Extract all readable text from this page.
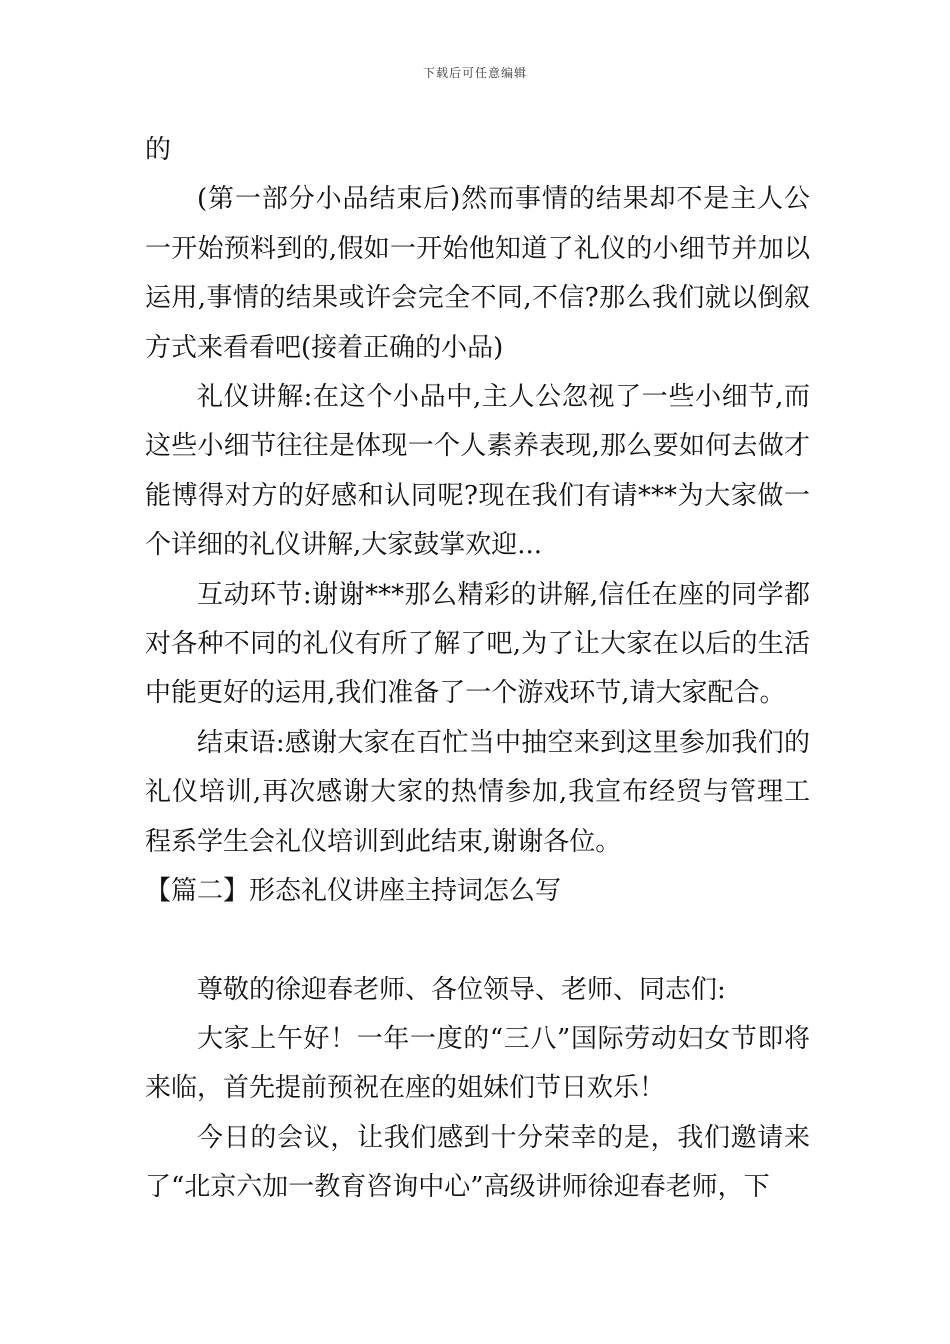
下载后可任意编辑

的

(第一部分小品结束后)然而事情的结果却不是主人公一开始预料到的,假如一开始他知道了礼仪的小细节并加以运用,事情的结果或许会完全不同,不信?那么我们就以倒叙方式来看看吧(接着正确的小品)

礼仪讲解:在这个小品中,主人公忽视了一些小细节,而这些小细节往往是体现一个人素养表现,那么要如何去做才能博得对方的好感和认同呢?现在我们有请***为大家做一个详细的礼仪讲解,大家鼓掌欢迎...

互动环节:谢谢***那么精彩的讲解,信任在座的同学都对各种不同的礼仪有所了解了吧,为了让大家在以后的生活中能更好的运用,我们准备了一个游戏环节,请大家配合。

结束语:感谢大家在百忙当中抽空来到这里参加我们的礼仪培训,再次感谢大家的热情参加,我宣布经贸与管理工程系学生会礼仪培训到此结束,谢谢各位。

【篇二】形态礼仪讲座主持词怎么写

尊敬的徐迎春老师、各位领导、老师、同志们:

大家上午好！一年一度的“三八”国际劳动妇女节即将来临，首先提前预祝在座的姐妹们节日欢乐！

今日的会议，让我们感到十分荣幸的是，我们邀请来了“北京六加一教育咨询中心”高级讲师徐迎春老师，下
